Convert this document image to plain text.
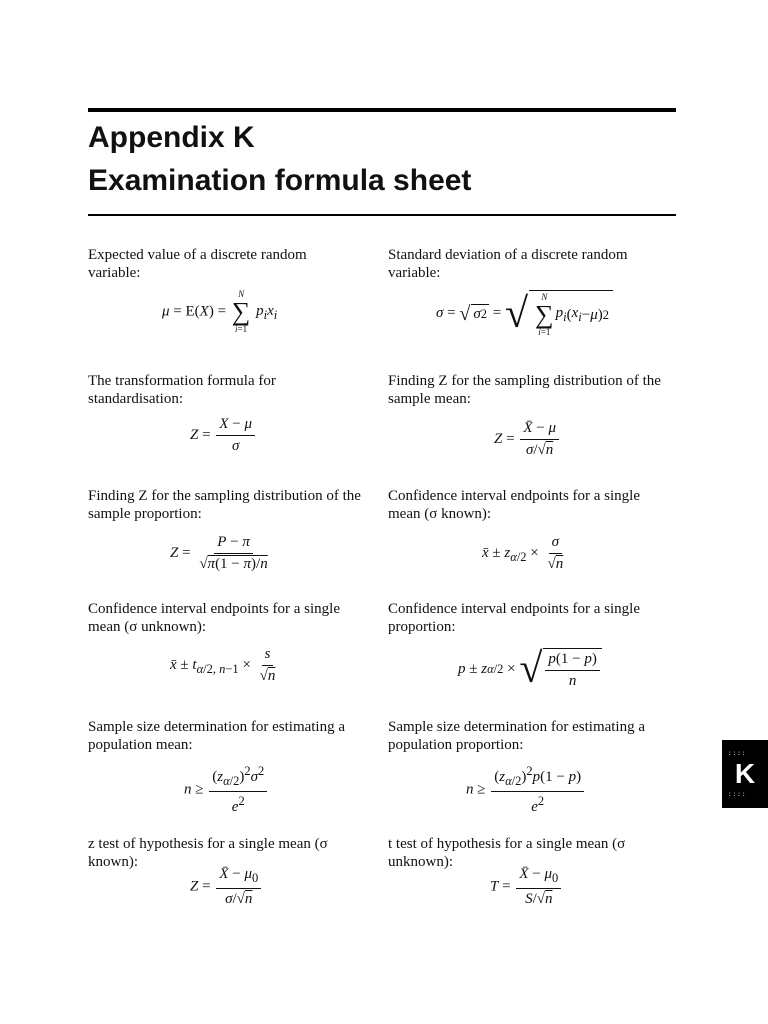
Appendix K
Examination formula sheet
Expected value of a discrete random variable:
μ = E(X) =
N
∑
i=1
$p_ix_i$
Standard deviation of a discrete random variable:
σ = √ σ 2 = √ N
∑
i=1
$p_i$ ( $x_i - \mu$ ) 2
The transformation formula for standardisation:
$Z = \frac{X - \mu}{\sigma}$
Finding Z for the sampling distribution of the sample mean:
$Z = \frac{X̄ - \mu}{\sigma/√n}$
Finding Z for the sampling distribution of the sample proportion:
$Z = \frac{P - \pi}{√\pi(1 - \pi)/n}$
Confidence interval endpoints for a single mean (σ known):
x̄ ± $z_{\alpha/2} \times \frac{\sigma}{√n}$
Confidence interval endpoints for a single mean (σ unknown):
x̄ ± $t_{\alpha/2, n-1} \times \frac{s}{√n}$
Confidence interval endpoints for a single proportion:
p ± z α/2 × √ $\frac{p(1 - p)}{n}$
Sample size determination for estimating a population mean:
$n \ge \frac{(z_{\alpha/2})^2\sigma^2}{e^2}$
Sample size determination for estimating a population proportion:
$n \ge \frac{(z_{\alpha/2})^2p(1 - p)}{e^2}$
z test of hypothesis for a single mean (σ known):
$Z = \frac{X̄ - \mu_0}{\sigma/√n}$
t test of hypothesis for a single mean (σ unknown):
$T = \frac{X̄ - \mu_0}{S/√n}$
::::
K
::::
